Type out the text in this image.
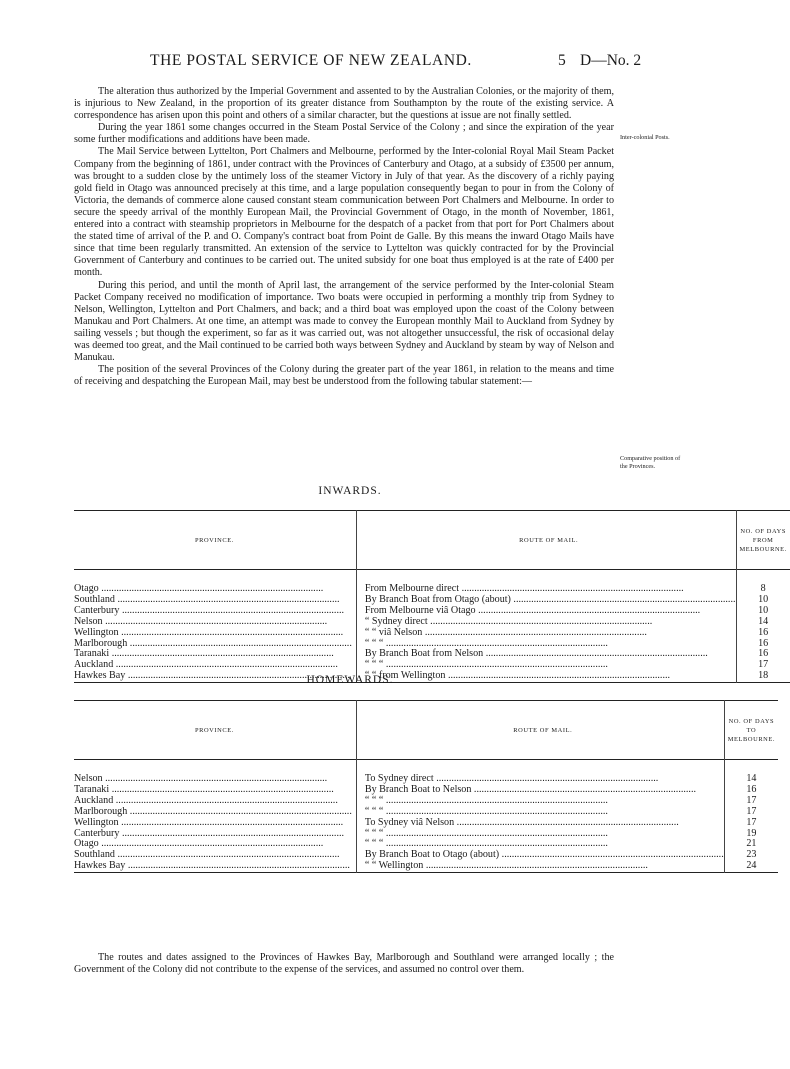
THE POSTAL SERVICE OF NEW ZEALAND.	5 D—No. 2

The alteration thus authorized by the Imperial Government and assented to by the Australian Colonies, or the majority of them, is injurious to New Zealand, in the proportion of its greater distance from Southampton by the route of the existing service. A correspondence has arisen upon this point and others of a similar character, but the questions at issue are not finally settled.

During the year 1861 some changes occurred in the Steam Postal Service of the Colony ; and since the expiration of the year some further modifications and additions have been made.

The Mail Service between Lyttelton, Port Chalmers and Melbourne, performed by the Inter-colonial Royal Mail Steam Packet Company from the beginning of 1861, under contract with the Provinces of Canterbury and Otago, at a subsidy of £3500 per annum, was brought to a sudden close by the untimely loss of the steamer Victory in July of that year. As the discovery of a richly paying gold field in Otago was announced precisely at this time, and a large population consequently began to pour in from the Colony of Victoria, the demands of commerce alone caused constant steam communication between Port Chalmers and Melbourne. In order to secure the speedy arrival of the monthly European Mail, the Provincial Government of Otago, in the month of November, 1861, entered into a contract with steamship proprietors in Melbourne for the despatch of a packet from that port for Port Chalmers about the stated time of arrival of the P. and O. Company's contract boat from Point de Galle. By this means the inward Otago Mails have since that time been regularly transmitted. An extension of the service to Lyttelton was quickly contracted for by the Provincial Government of Canterbury and continues to be carried out. The united subsidy for one boat thus employed is at the rate of £400 per month.

During this period, and until the month of April last, the arrangement of the service performed by the Inter-colonial Steam Packet Company received no modification of importance. Two boats were occupied in performing a monthly trip from Sydney to Nelson, Wellington, Lyttelton and Port Chalmers, and back; and a third boat was employed upon the coast of the Colony between Manukau and Port Chalmers. At one time, an attempt was made to convey the European monthly Mail to Auckland from Sydney by sailing vessels ; but though the experiment, so far as it was carried out, was not altogether unsuccessful, the risk of occasional delay was deemed too great, and the Mail continued to be carried both ways between Sydney and Auckland by steam by way of Nelson and Manukau.

The position of the several Provinces of the Colony during the greater part of the year 1861, in relation to the means and time of receiving and despatching the European Mail, may best be understood from the following tabular statement:—

Inter-colonial Posts.
Comparative position of
the Provinces.
INWARDS.
PROVINCE.	ROUTE OF MAIL.	NO. OF DAYS FROM MELBOURNE.
Otago .....	From Melbourne direct .....	8
Southland .....	By Branch Boat from Otago (about) .....	10
Canterbury .....	From Melbourne viâ Otago .....	10
Nelson .....	“ Sydney direct .....	14
Wellington .....	“ “ viâ Nelson .....	16
Marlborough .....	“ “ “ .....	16
Taranaki .....	By Branch Boat from Nelson .....	16
Auckland .....	“ “ “ .....	17
Hawkes Bay .....	“ “ from Wellington .....	18
HOMEWARDS.
PROVINCE.	ROUTE OF MAIL.	NO. OF DAYS TO MELBOURNE.
Nelson .....	To Sydney direct .....	14
Taranaki .....	By Branch Boat to Nelson .....	16
Auckland .....	“ “ “ .....	17
Marlborough .....	“ “ “ .....	17
Wellington .....	To Sydney viâ Nelson .....	17
Canterbury .....	“ “ “ .....	19
Otago .....	“ “ “ .....	21
Southland .....	By Branch Boat to Otago (about) .....	23
Hawkes Bay .....	“ “ Wellington .....	24

The routes and dates assigned to the Provinces of Hawkes Bay, Marlborough and Southland were arranged locally ; the Government of the Colony did not contribute to the expense of the services, and assumed no control over them.
